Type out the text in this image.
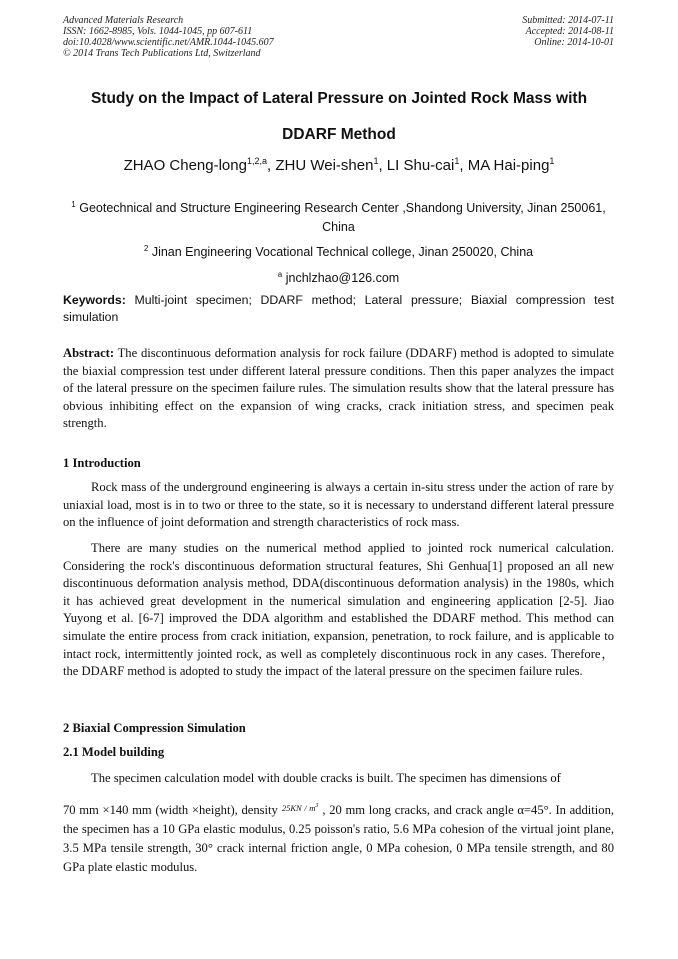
Advanced Materials Research
ISSN: 1662-8985, Vols. 1044-1045, pp 607-611
doi:10.4028/www.scientific.net/AMR.1044-1045.607
© 2014 Trans Tech Publications Ltd, Switzerland
Submitted: 2014-07-11
Accepted: 2014-08-11
Online: 2014-10-01
Study on the Impact of Lateral Pressure on Jointed Rock Mass with
DDARF Method
ZHAO Cheng-long$^{1,2,a}$, ZHU Wei-shen$^1$, LI Shu-cai$^1$, MA Hai-ping$^1$
$^1$ Geotechnical and Structure Engineering Research Center ,Shandong University, Jinan 250061,
China
$^2$ Jinan Engineering Vocational Technical college, Jinan 250020, China
$^a$ jnchlzhao@126.com
Keywords: Multi-joint specimen; DDARF method; Lateral pressure; Biaxial compression test simulation
Abstract: The discontinuous deformation analysis for rock failure (DDARF) method is adopted to simulate the biaxial compression test under different lateral pressure conditions. Then this paper analyzes the impact of the lateral pressure on the specimen failure rules. The simulation results show that the lateral pressure has obvious inhibiting effect on the expansion of wing cracks, crack initiation stress, and specimen peak strength.
1 Introduction
Rock mass of the underground engineering is always a certain in-situ stress under the action of rare by uniaxial load, most is in to two or three to the state, so it is necessary to understand different lateral pressure on the influence of joint deformation and strength characteristics of rock mass.
There are many studies on the numerical method applied to jointed rock numerical calculation. Considering the rock's discontinuous deformation structural features, Shi Genhua[1] proposed an all new discontinuous deformation analysis method, DDA(discontinuous deformation analysis) in the 1980s, which it has achieved great development in the numerical simulation and engineering application [2-5]. Jiao Yuyong et al. [6-7] improved the DDA algorithm and established the DDARF method. This method can simulate the entire process from crack initiation, expansion, penetration, to rock failure, and is applicable to intact rock, intermittently jointed rock, as well as completely discontinuous rock in any cases. Therefore，the DDARF method is adopted to study the impact of the lateral pressure on the specimen failure rules.
2 Biaxial Compression Simulation
2.1 Model building
The specimen calculation model with double cracks is built. The specimen has dimensions of
70 mm ×140 mm (width ×height), density $^{25KN / m^3}$ , 20 mm long cracks, and crack angle α=45°. In addition, the specimen has a 10 GPa elastic modulus, 0.25 poisson's ratio, 5.6 MPa cohesion of the virtual joint plane, 3.5 MPa tensile strength, 30° crack internal friction angle, 0 MPa cohesion, 0 MPa tensile strength, and 80 GPa plate elastic modulus.
